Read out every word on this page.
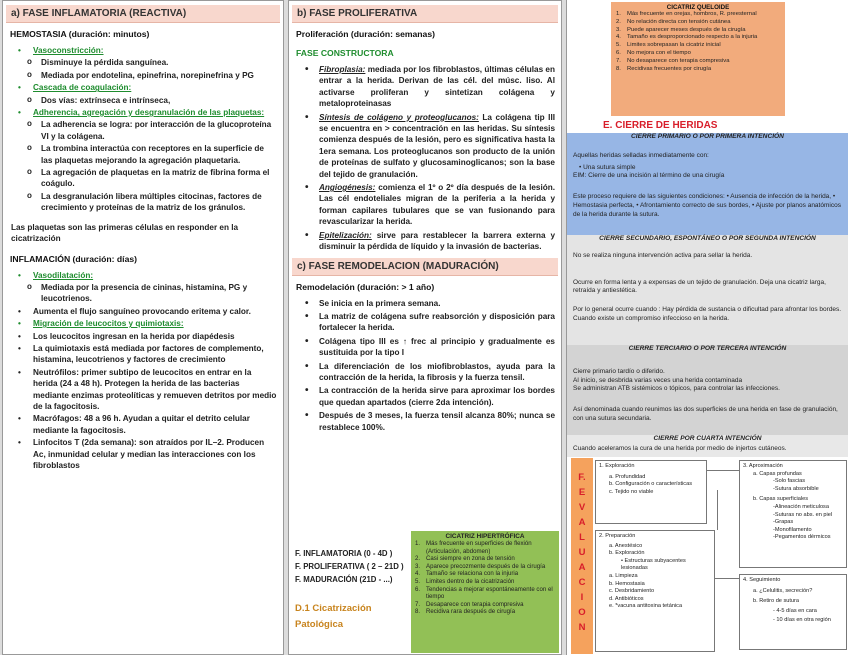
a) FASE INFLAMATORIA (REACTIVA)
HEMOSTASIA (duración: minutos)
• Vasoconstricción:
o Disminuye la pérdida sanguínea.
o Mediada por endotelina, epinefrina, norepinefrina y PG
• Cascada de coagulación:
o Dos vías: extrínseca e intrínseca,
• Adherencia, agregación y desgranulación de las plaquetas:
o La adherencia se logra: por interacción de la glucoproteína VI y la colágena.
o La trombina interactúa con receptores en la superficie de las plaquetas mejorando la agregación plaquetaria.
o La agregación de plaquetas en la matriz de fibrina forma el coágulo.
o La desgranulación libera múltiples citocinas, factores de crecimiento y proteínas de la matriz de los gránulos.
Las plaquetas son las primeras células en responder en la cicatrización
INFLAMACIÓN (duración: días)
• Vasodilatación:
o Mediada por la presencia de cininas, histamina, PG y leucotrienos.
• Aumenta el flujo sanguíneo provocando eritema y calor.
• Migración de leucocitos y quimiotaxis:
• Los leucocitos ingresan en la herida por diapédesis
• La quimiotaxis está mediada por factores de complemento, histamina, leucotrienos y factores de crecimiento
• Neutrófilos: primer subtipo de leucocitos en entrar en la herida (24 a 48 h). Protegen la herida de las bacterias mediante enzimas proteolíticas y remueven detritos por medio de la fagocitosis.
• Macrófagos: 48 a 96 h. Ayudan a quitar el detrito celular mediante la fagocitosis.
• Linfocitos T (2da semana): son atraídos por IL–2. Producen Ac, inmunidad celular y median las interacciones con los fibroblastos
b) FASE PROLIFERATIVA
Proliferación (duración: semanas)
FASE CONSTRUCTORA
• Fibroplasia: mediada por los fibroblastos, últimas células en entrar a la herida. Derivan de las cél. del músc. liso. Al activarse proliferan y sintetizan colágena y metaloproteinasas
• Síntesis de colágeno y proteoglucanos: La colágena tip III se encuentra en > concentración en las heridas. Su síntesis comienza después de la lesión, pero es significativa hasta la 1era semana. Los proteoglucanos son producto de la unión de proteínas de sulfato y glucosaminoglicanos; son la base del tejido de granulación.
• Angiogénesis: comienza el 1º o 2º día después de la lesión. Las cél endoteliales migran de la periferia a la herida y forman capilares tubulares que se van fusionando para revascularizar la herida.
• Epitelización: sirve para restablecer la barrera externa y disminuir la pérdida de líquido y la invasión de bacterias.
c) FASE REMODELACION (MADURACIÓN)
Remodelación (duración: > 1 año)
• Se inicia en la primera semana.
• La matriz de colágena sufre reabsorción y disposición para fortalecer la herida.
• Colágena tipo III es ↑ frec al principio y gradualmente es sustituida por la tipo I
• La diferenciación de los miofibroblastos, ayuda para la contracción de la herida, la fibrosis y la fuerza tensil.
• La contracción de la herida sirve para aproximar los bordes que quedan apartados (cierre 2da intención).
• Después de 3 meses, la fuerza tensil alcanza 80%; nunca se restablece 100%.
F. INFLAMATORIA (0 - 4D )
F. PROLIFERATIVA ( 2 – 21D )
F. MADURACIÓN (21D - ...)
D.1 Cicatrización Patológica
CICATRIZ HIPERTRÓFICA
1. Más frecuente en superficies de flexión (Articulación, abdomen)
2. Casi siempre en zona de tensión
3. Aparece precozmente después de la cirugía
4. Tamaño se relaciona con la injuria
5. Limites dentro de la cicatrización
6. Tendencias a mejorar espontáneamente con el tiempo
7. Desaparece con terapia compresiva
8. Recidiva rara después de cirugía
CICATRIZ QUELOIDE
1. Más frecuente en orejas, hombros, R. preesternal
2. No relación directa con tensión cutánea
3. Puede aparecer meses después de la cirugía
4. Tamaño es desproporcionado respecto a la injuria
5. Limites sobrepasan la cicatriz inicial
6. No mejora con el tiempo
7. No desaparece con terapia compresiva
8. Recidivas frecuentes por cirugía
E. CIERRE DE HERIDAS
CIERRE PRIMARIO O POR PRIMERA INTENCIÓN

Aquellas heridas selladas inmediatamente con:

• Una sutura simple

EIM: Cierre de una incisión al término de una cirugía

Este proceso requiere de las siguientes condiciones: • Ausencia de infección de la herida, • Hemostasia perfecta, • Afrontamiento correcto de sus bordes, • Ajuste por planos anatómicos de la herida durante la sutura.

CIERRE SECUNDARIO, ESPONTÁNEO O POR SEGUNDA INTENCIÓN

No se realiza ninguna intervención activa para sellar la herida.

Ocurre en forma lenta y a expensas de un tejido de granulación. Deja una cicatriz larga, retraída y antiestética.

Por lo general ocurre cuando : Hay pérdida de sustancia o dificultad para afrontar los bordes. Cuando existe un compromiso infeccioso en la herida.

CIERRE TERCIARIO O POR TERCERA INTENCIÓN

Cierre primario tardío o diferido.

Al inicio, se desbrida varias veces una herida contaminada

Se administran ATB sistémicos o tópicos, para controlar las infecciones.

Así denominada cuando reunimos las dos superficies de una herida en fase de granulación, con una sutura secundaria.

CIERRE POR CUARTA INTENCIÓN

Cuando aceleramos la cura de una herida por medio de injertos cutáneos.

F.
E
V
A
L
U
A
C
I
O
N
1. Exploración
a. Profundidad
b. Configuración o características
c. Tejido no viable
2. Preparación
a. Anestésico
b. Exploración
• Estructuras subyacentes lesionadas
a. Limpieza
b. Hemostasia
c. Desbridamiento
d. Antibióticos
e. *vacuna antitoxina tetánica
3. Aproximación
a. Capas profundas
-Solo fascias
-Sutura absorbible
b. Capas superficiales
-Alineación meticulosa
-Suturas no abs. en piel
-Grapas
-Monofilamento
-Pegamentos dérmicos
4. Seguimiento
a. ¿Celulitis, secreción?
b. Retiro de sutura
- 4-5 días en cara
- 10 días en otra región
